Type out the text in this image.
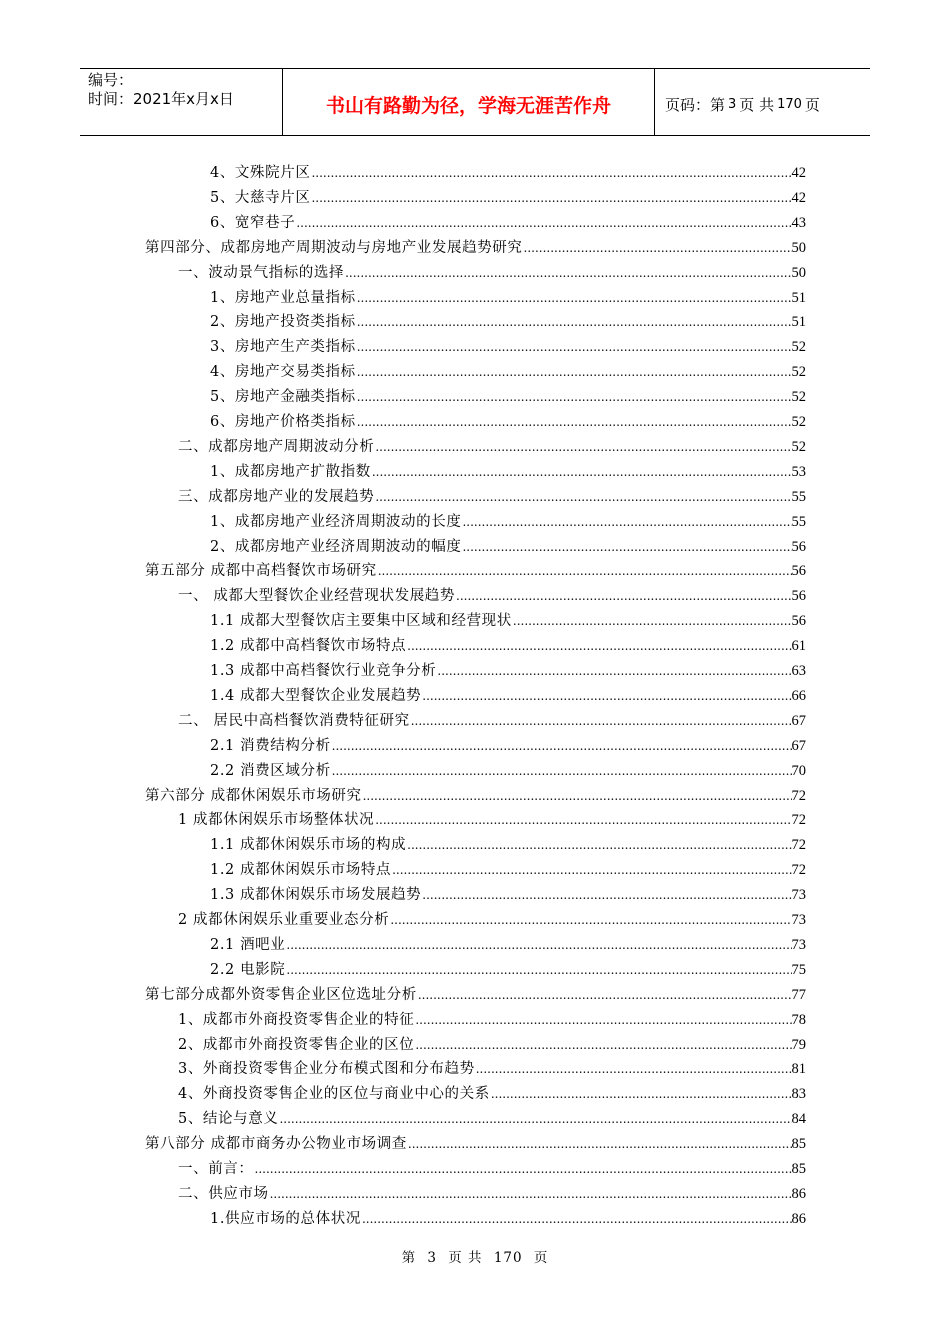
编号：
时间：2021年x月x日	书山有路勤为径，学海无涯苦作舟	页码：第 3 页 共 170 页
4、文殊院片区 .....	42
5、大慈寺片区 .....	42
6、宽窄巷子 .....	43
第四部分、成都房地产周期波动与房地产业发展趋势研究 .....	50
一、波动景气指标的选择 .....	50
1、房地产业总量指标 .....	51
2、房地产投资类指标 .....	51
3、房地产生产类指标 .....	52
4、房地产交易类指标 .....	52
5、房地产金融类指标 .....	52
6、房地产价格类指标 .....	52
二、成都房地产周期波动分析 .....	52
1、成都房地产扩散指数 .....	53
三、成都房地产业的发展趋势 .....	55
1、成都房地产业经济周期波动的长度 .....	55
2、成都房地产业经济周期波动的幅度 .....	56
第五部分 成都中高档餐饮市场研究 .....	56
一、 成都大型餐饮企业经营现状发展趋势 .....	56
1.1 成都大型餐饮店主要集中区域和经营现状 .....	56
1.2 成都中高档餐饮市场特点 .....	61
1.3 成都中高档餐饮行业竞争分析 .....	63
1.4 成都大型餐饮企业发展趋势 .....	66
二、 居民中高档餐饮消费特征研究 .....	67
2.1 消费结构分析 .....	67
2.2 消费区域分析 .....	70
第六部分 成都休闲娱乐市场研究 .....	72
1 成都休闲娱乐市场整体状况 .....	72
1.1 成都休闲娱乐市场的构成 .....	72
1.2 成都休闲娱乐市场特点 .....	72
1.3 成都休闲娱乐市场发展趋势 .....	73
2 成都休闲娱乐业重要业态分析 .....	73
2.1 酒吧业 .....	73
2.2 电影院 .....	75
第七部分成都外资零售企业区位选址分析 .....	77
1、成都市外商投资零售企业的特征 .....	78
2、成都市外商投资零售企业的区位 .....	79
3、外商投资零售企业分布模式图和分布趋势 .....	81
4、外商投资零售企业的区位与商业中心的关系 .....	83
5、结论与意义 .....	84
第八部分 成都市商务办公物业市场调查 .....	85
一、前言： .....	85
二、供应市场 .....	86
1.供应市场的总体状况 .....	86
第 3 页 共 170 页
